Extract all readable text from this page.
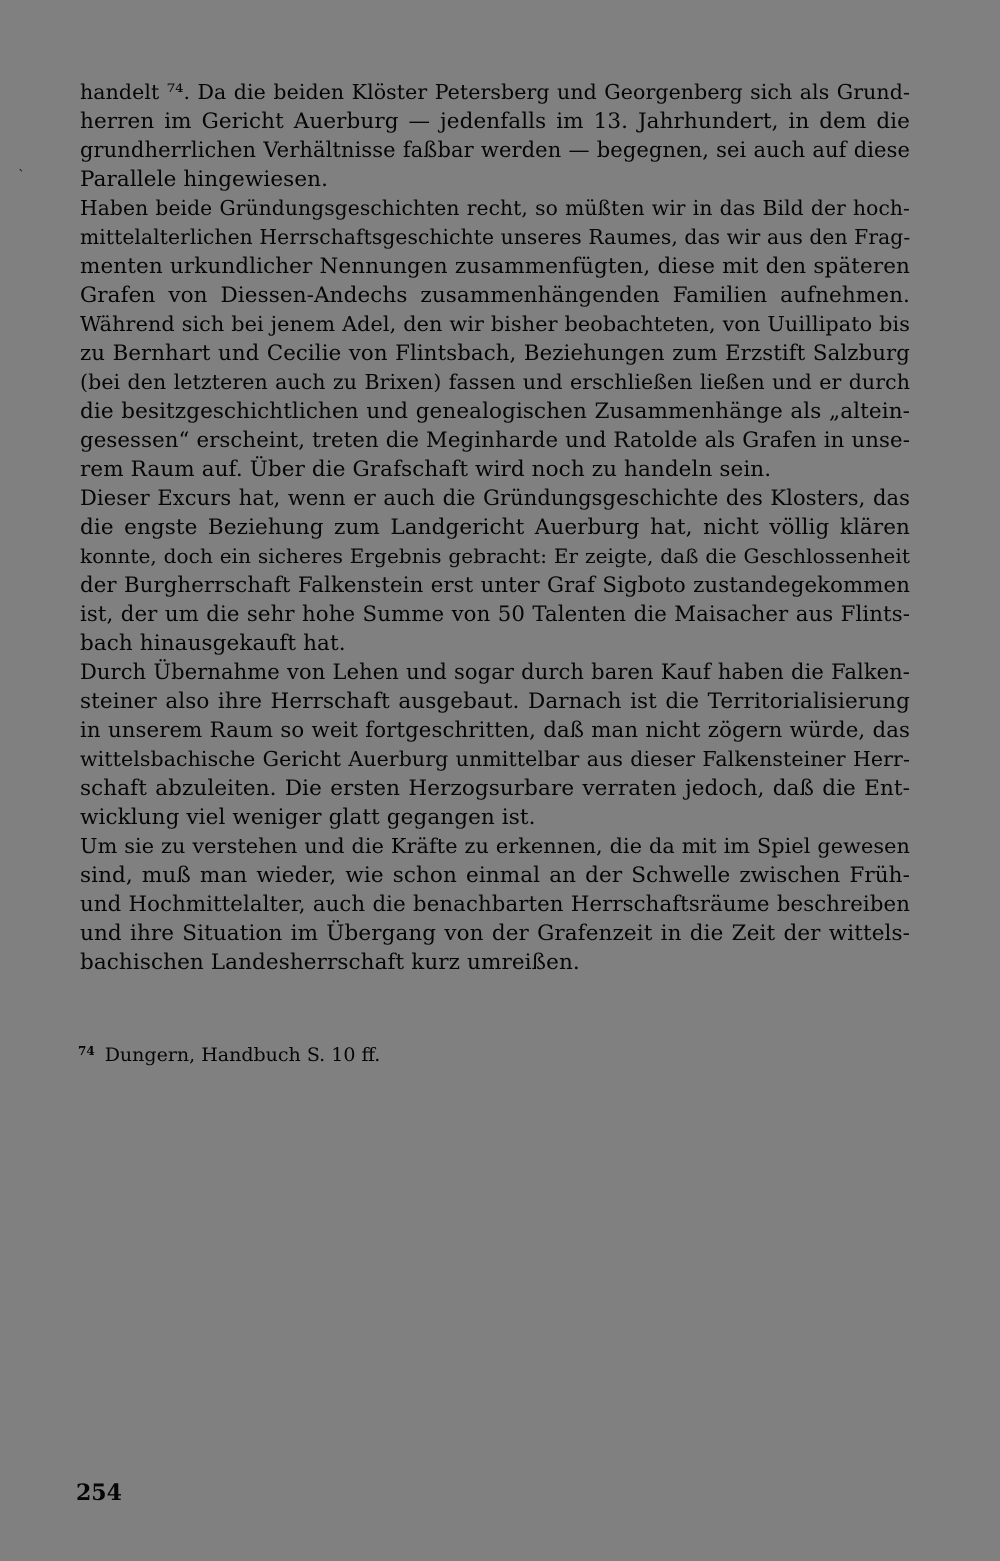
`
handelt ⁷⁴. Da die beiden Klöster Petersberg und Georgenberg sich als Grund-
herren im Gericht Auerburg — jedenfalls im 13. Jahrhundert, in dem die
grundherrlichen Verhältnisse faßbar werden — begegnen, sei auch auf diese
Parallele hingewiesen.
Haben beide Gründungsgeschichten recht, so müßten wir in das Bild der hoch-
mittelalterlichen Herrschaftsgeschichte unseres Raumes, das wir aus den Frag-
menten urkundlicher Nennungen zusammenfügten, diese mit den späteren
Grafen von Diessen-Andechs zusammenhängenden Familien aufnehmen.
Während sich bei jenem Adel, den wir bisher beobachteten, von Uuillipato bis
zu Bernhart und Cecilie von Flintsbach, Beziehungen zum Erzstift Salzburg
(bei den letzteren auch zu Brixen) fassen und erschließen ließen und er durch
die besitzgeschichtlichen und genealogischen Zusammenhänge als „altein-
gesessen“ erscheint, treten die Meginharde und Ratolde als Grafen in unse-
rem Raum auf. Über die Grafschaft wird noch zu handeln sein.
Dieser Excurs hat, wenn er auch die Gründungsgeschichte des Klosters, das
die engste Beziehung zum Landgericht Auerburg hat, nicht völlig klären
konnte, doch ein sicheres Ergebnis gebracht: Er zeigte, daß die Geschlossenheit
der Burgherrschaft Falkenstein erst unter Graf Sigboto zustandegekommen
ist, der um die sehr hohe Summe von 50 Talenten die Maisacher aus Flints-
bach hinausgekauft hat.
Durch Übernahme von Lehen und sogar durch baren Kauf haben die Falken-
steiner also ihre Herrschaft ausgebaut. Darnach ist die Territorialisierung
in unserem Raum so weit fortgeschritten, daß man nicht zögern würde, das
wittelsbachische Gericht Auerburg unmittelbar aus dieser Falkensteiner Herr-
schaft abzuleiten. Die ersten Herzogsurbare verraten jedoch, daß die Ent-
wicklung viel weniger glatt gegangen ist.
Um sie zu verstehen und die Kräfte zu erkennen, die da mit im Spiel gewesen
sind, muß man wieder, wie schon einmal an der Schwelle zwischen Früh-
und Hochmittelalter, auch die benachbarten Herrschaftsräume beschreiben
und ihre Situation im Übergang von der Grafenzeit in die Zeit der wittels-
bachischen Landesherrschaft kurz umreißen.
$^{74}$ Dungern, Handbuch S. 10 ff.
254
